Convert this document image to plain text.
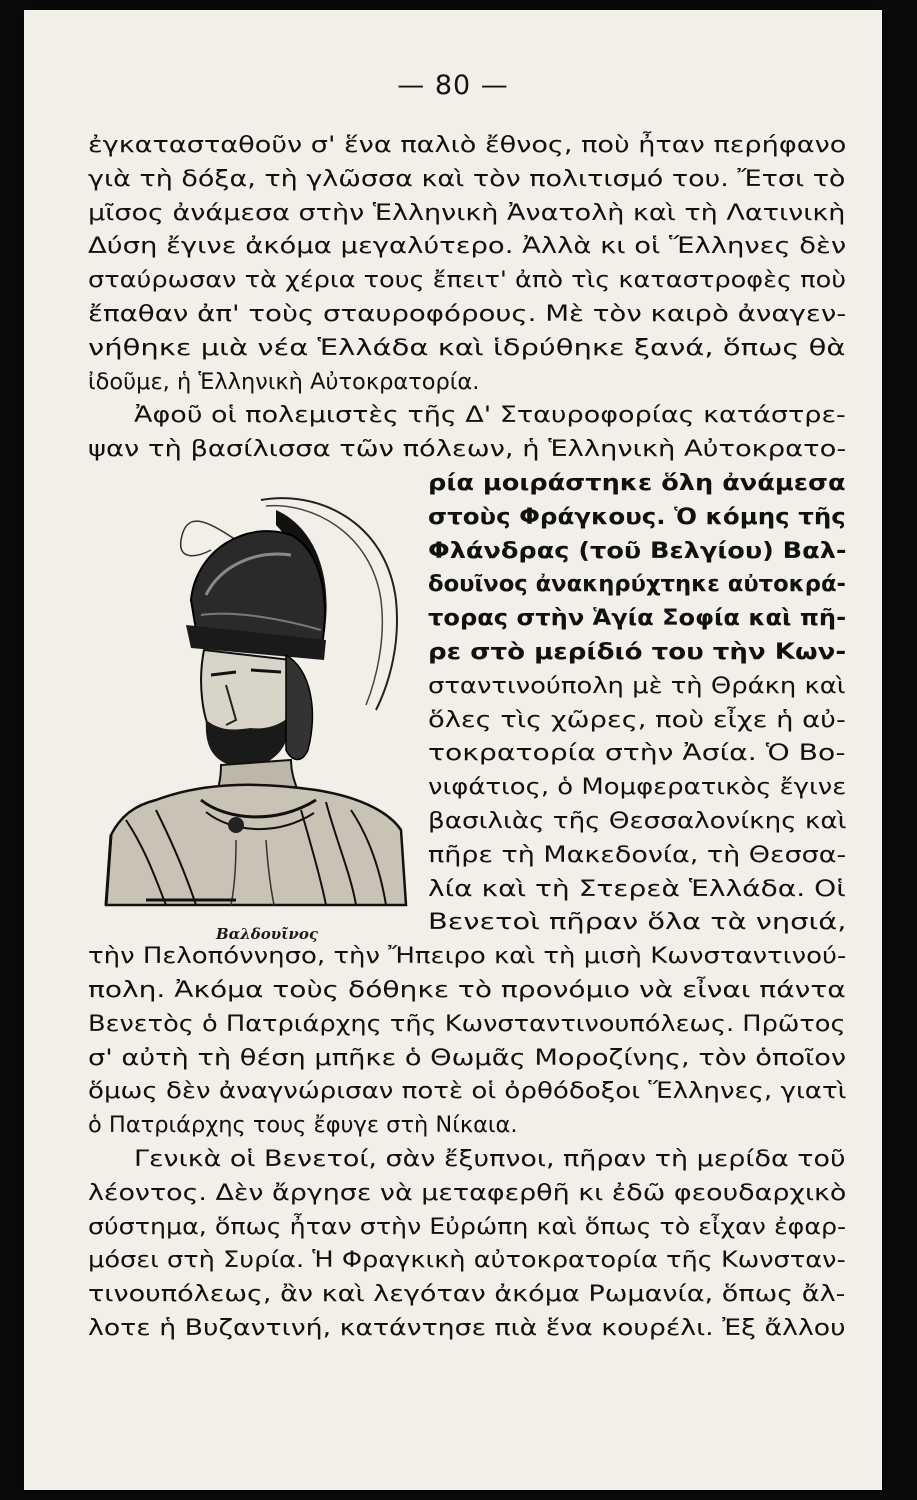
— 80 —
ἐγκατασταθοῦν σ' ἕνα παλιὸ ἔθνος, ποὺ ἦταν περήφανο
γιὰ τὴ δόξα, τὴ γλῶσσα καὶ τὸν πολιτισμό του. Ἔτσι τὸ
μῖσος ἀνάμεσα στὴν Ἑλληνικὴ Ἀνατολὴ καὶ τὴ Λατινικὴ
Δύση ἔγινε ἀκόμα μεγαλύτερο. Ἀλλὰ κι οἱ Ἕλληνες δὲν
σταύρωσαν τὰ χέρια τους ἔπειτ' ἀπὸ τὶς καταστροφὲς ποὺ
ἔπαθαν ἀπ' τοὺς σταυροφόρους. Μὲ τὸν καιρὸ ἀναγεν-
νήθηκε μιὰ νέα Ἑλλάδα καὶ ἱδρύθηκε ξανά, ὅπως θὰ
ἰδοῦμε, ἡ Ἑλληνικὴ Αὐτοκρατορία.
Ἀφοῦ οἱ πολεμιστὲς τῆς Δ' Σταυροφορίας κατάστρε-
ψαν τὴ βασίλισσα τῶν πόλεων, ἡ Ἑλληνικὴ Αὐτοκρατο-
ρία μοιράστηκε ὅλη ἀνάμεσα
στοὺς Φράγκους. Ὁ κόμης τῆς
Φλάνδρας (τοῦ Βελγίου) Βαλ-
δουῖνος ἀνακηρύχτηκε αὐτοκρά-
τορας στὴν Ἁγία Σοφία καὶ πῆ-
ρε στὸ μερίδιό του τὴν Κων-
σταντινούπολη μὲ τὴ Θράκη καὶ
ὅλες τὶς χῶρες, ποὺ εἶχε ἡ αὐ-
τοκρατορία στὴν Ἀσία. Ὁ Βο-
νιφάτιος, ὁ Μομφερατικὸς ἔγινε
βασιλιὰς τῆς Θεσσαλονίκης καὶ
πῆρε τὴ Μακεδονία, τὴ Θεσσα-
λία καὶ τὴ Στερεὰ Ἑλλάδα. Οἱ
Βενετοὶ πῆραν ὅλα τὰ νησιά,
τὴν Πελοπόννησο, τὴν Ἤπειρο καὶ τὴ μισὴ Κωνσταντινού-
πολη. Ἀκόμα τοὺς δόθηκε τὸ προνόμιο νὰ εἶναι πάντα
Βενετὸς ὁ Πατριάρχης τῆς Κωνσταντινουπόλεως. Πρῶτος
σ' αὐτὴ τὴ θέση μπῆκε ὁ Θωμᾶς Μοροζίνης, τὸν ὁποῖον
ὅμως δὲν ἀναγνώρισαν ποτὲ οἱ ὀρθόδοξοι Ἕλληνες, γιατὶ
ὁ Πατριάρχης τους ἔφυγε στὴ Νίκαια.
Γενικὰ οἱ Βενετοί, σὰν ἔξυπνοι, πῆραν τὴ μερίδα τοῦ
λέοντος. Δὲν ἄργησε νὰ μεταφερθῆ κι ἐδῶ φεουδαρχικὸ
σύστημα, ὅπως ἦταν στὴν Εὐρώπη καὶ ὅπως τὸ εἶχαν ἐφαρ-
μόσει στὴ Συρία. Ἡ Φραγκικὴ αὐτοκρατορία τῆς Κωνσταν-
τινουπόλεως, ἂν καὶ λεγόταν ἀκόμα Ρωμανία, ὅπως ἄλ-
λοτε ἡ Βυζαντινή, κατάντησε πιὰ ἕνα κουρέλι. Ἐξ ἄλλου
Βαλδουῖνος
